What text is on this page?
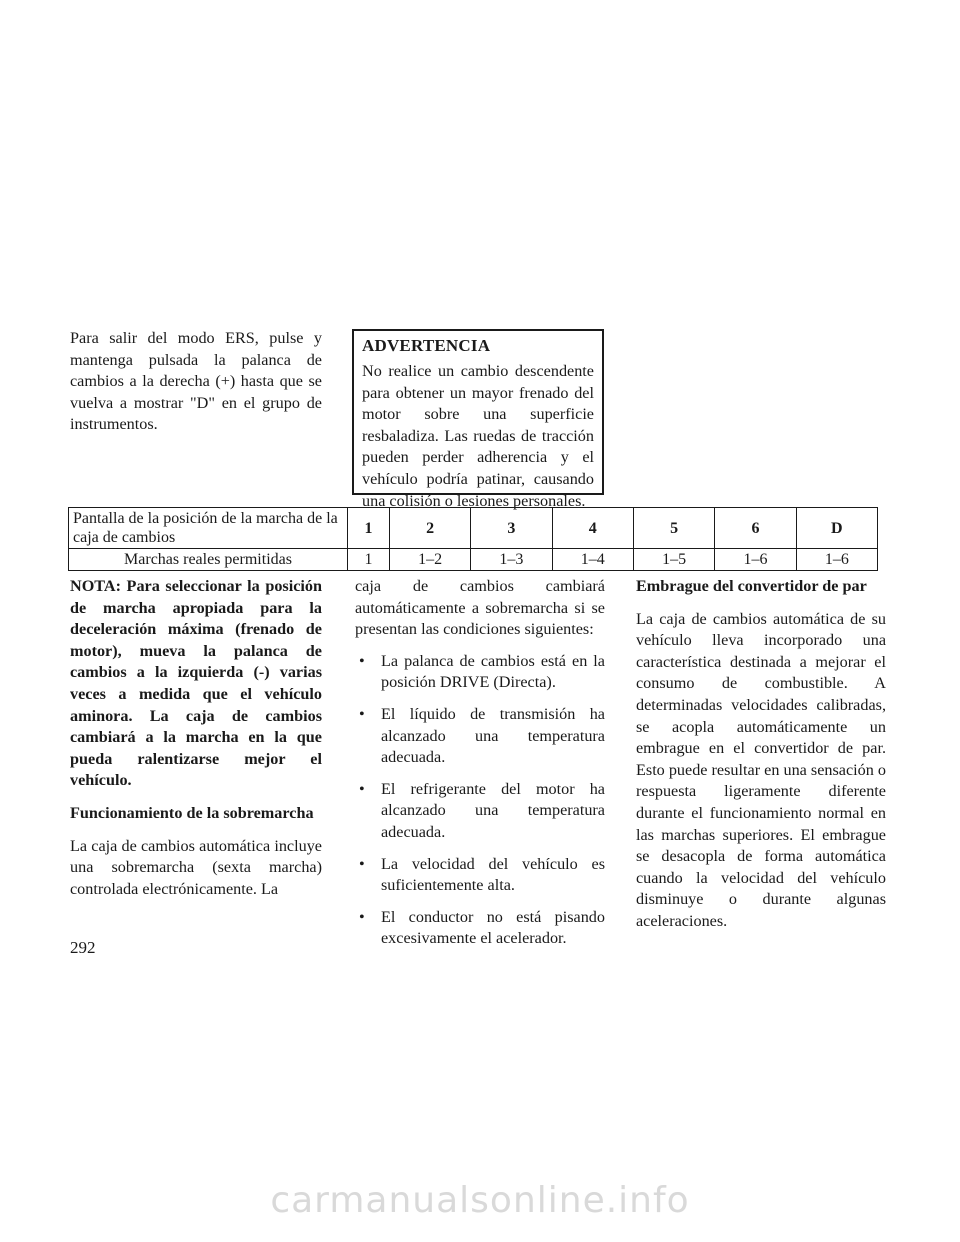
Para salir del modo ERS, pulse y mantenga pulsada la palanca de cambios a la derecha (+) hasta que se vuelva a mostrar "D" en el grupo de instrumentos.
ADVERTENCIA
No realice un cambio descendente para obtener un mayor frenado del motor sobre una superficie resbaladiza. Las ruedas de tracción pueden perder adherencia y el vehículo podría patinar, causando una colisión o lesiones personales.
Pantalla de la posición de la marcha de la caja de cambios	1	2	3	4	5	6	D
Marchas reales permitidas	1	1–2	1–3	1–4	1–5	1–6	1–6
NOTA: Para seleccionar la posición de marcha apropiada para la deceleración máxima (frenado de motor), mueva la palanca de cambios a la izquierda (-) varias veces a medida que el vehículo aminora. La caja de cambios cambiará a la marcha en la que pueda ralentizarse mejor el vehículo.
Funcionamiento de la sobremarcha
La caja de cambios automática incluye una sobremarcha (sexta marcha) controlada electrónicamente. La
caja de cambios cambiará automáticamente a sobremarcha si se presentan las condiciones siguientes:
• La palanca de cambios está en la posición DRIVE (Directa).
• El líquido de transmisión ha alcanzado una temperatura adecuada.
• El refrigerante del motor ha alcanzado una temperatura adecuada.
• La velocidad del vehículo es suficientemente alta.
• El conductor no está pisando excesivamente el acelerador.
Embrague del convertidor de par
La caja de cambios automática de su vehículo lleva incorporado una característica destinada a mejorar el consumo de combustible. A determinadas velocidades calibradas, se acopla automáticamente un embrague en el convertidor de par. Esto puede resultar en una sensación o respuesta ligeramente diferente durante el funcionamiento normal en las marchas superiores. El embrague se desacopla de forma automática cuando la velocidad del vehículo disminuye o durante algunas aceleraciones.
292
carmanualsonline.info
